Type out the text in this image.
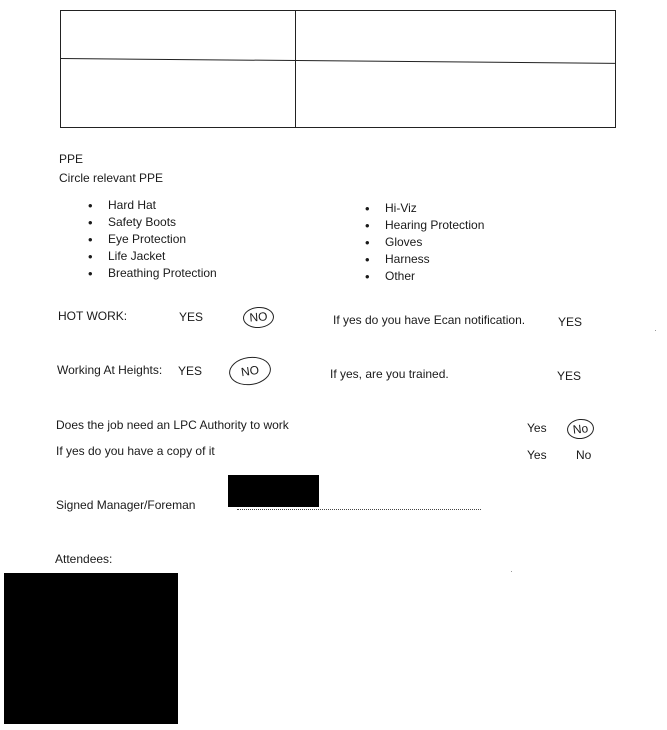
PPE
Circle relevant PPE
• Hard Hat
• Safety Boots
• Eye Protection
• Life Jacket
• Breathing Protection
• Hi-Viz
• Hearing Protection
• Gloves
• Harness
• Other
HOT WORK:	YES	NO	If yes do you have Ecan notification.	YES
Working At Heights: YES	NO	If yes, are you trained.	YES
Does the job need an LPC Authority to work	Yes	No
If yes do you have a copy of it	Yes No
Signed Manager/Foreman
Attendees:
